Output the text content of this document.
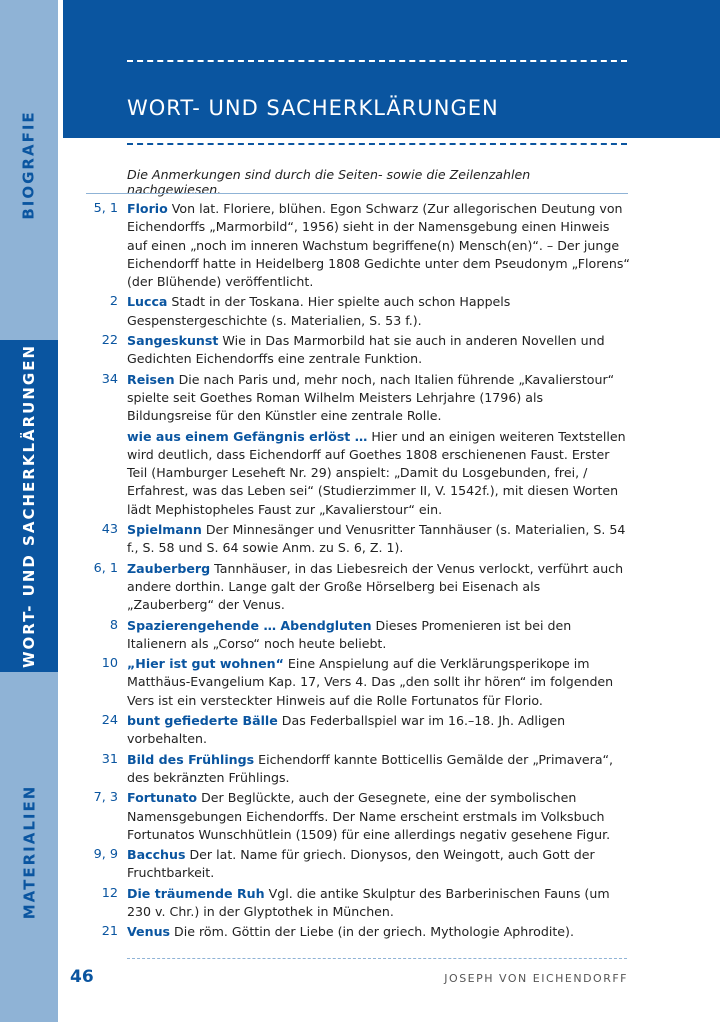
BIOGRAFIE
WORT- UND SACHERKLÄRUNGEN
MATERIALIEN
WORT- UND SACHERKLÄRUNGEN
Die Anmerkungen sind durch die Seiten- sowie die Zeilenzahlen nachgewiesen.
5, 1 Florio Von lat. Floriere, blühen. Egon Schwarz (Zur allegorischen Deutung von Eichendorffs „Marmorbild“, 1956) sieht in der Namensgebung einen Hinweis auf einen „noch im inneren Wachstum begriffene(n) Mensch(en)“. – Der junge Eichendorff hatte in Heidelberg 1808 Gedichte unter dem Pseudonym „Florens“ (der Blühende) veröffentlicht.
2 Lucca Stadt in der Toskana. Hier spielte auch schon Happels Gespenstergeschichte (s. Materialien, S. 53 f.).
22 Sangeskunst Wie in Das Marmorbild hat sie auch in anderen Novellen und Gedichten Eichendorffs eine zentrale Funktion.
34 Reisen Die nach Paris und, mehr noch, nach Italien führende „Kavalierstour“ spielte seit Goethes Roman Wilhelm Meisters Lehrjahre (1796) als Bildungsreise für den Künstler eine zentrale Rolle.
wie aus einem Gefängnis erlöst … Hier und an einigen weiteren Textstellen wird deutlich, dass Eichendorff auf Goethes 1808 erschienenen Faust. Erster Teil (Hamburger Leseheft Nr. 29) anspielt: „Damit du Losgebunden, frei, / Erfahrest, was das Leben sei“ (Studierzimmer II, V. 1542f.), mit diesen Worten lädt Mephistopheles Faust zur „Kavalierstour“ ein.
43 Spielmann Der Minnesänger und Venusritter Tannhäuser (s. Materialien, S. 54 f., S. 58 und S. 64 sowie Anm. zu S. 6, Z. 1).
6, 1 Zauberberg Tannhäuser, in das Liebesreich der Venus verlockt, verführt auch andere dorthin. Lange galt der Große Hörselberg bei Eisenach als „Zauberberg“ der Venus.
8 Spazierengehende … Abendgluten Dieses Promenieren ist bei den Italienern als „Corso“ noch heute beliebt.
10 „Hier ist gut wohnen“ Eine Anspielung auf die Verklärungsperikope im Matthäus-Evangelium Kap. 17, Vers 4. Das „den sollt ihr hören“ im folgenden Vers ist ein versteckter Hinweis auf die Rolle Fortunatos für Florio.
24 bunt gefiederte Bälle Das Federballspiel war im 16.–18. Jh. Adligen vorbehalten.
31 Bild des Frühlings Eichendorff kannte Botticellis Gemälde der „Primavera“, des bekränzten Frühlings.
7, 3 Fortunato Der Beglückte, auch der Gesegnete, eine der symbolischen Namensgebungen Eichendorffs. Der Name erscheint erstmals im Volksbuch Fortunatos Wunschhütlein (1509) für eine allerdings negativ gesehene Figur.
9, 9 Bacchus Der lat. Name für griech. Dionysos, den Weingott, auch Gott der Fruchtbarkeit.
12 Die träumende Ruh Vgl. die antike Skulptur des Barberinischen Fauns (um 230 v. Chr.) in der Glyptothek in München.
21 Venus Die röm. Göttin der Liebe (in der griech. Mythologie Aphrodite).
46	JOSEPH VON EICHENDORFF
